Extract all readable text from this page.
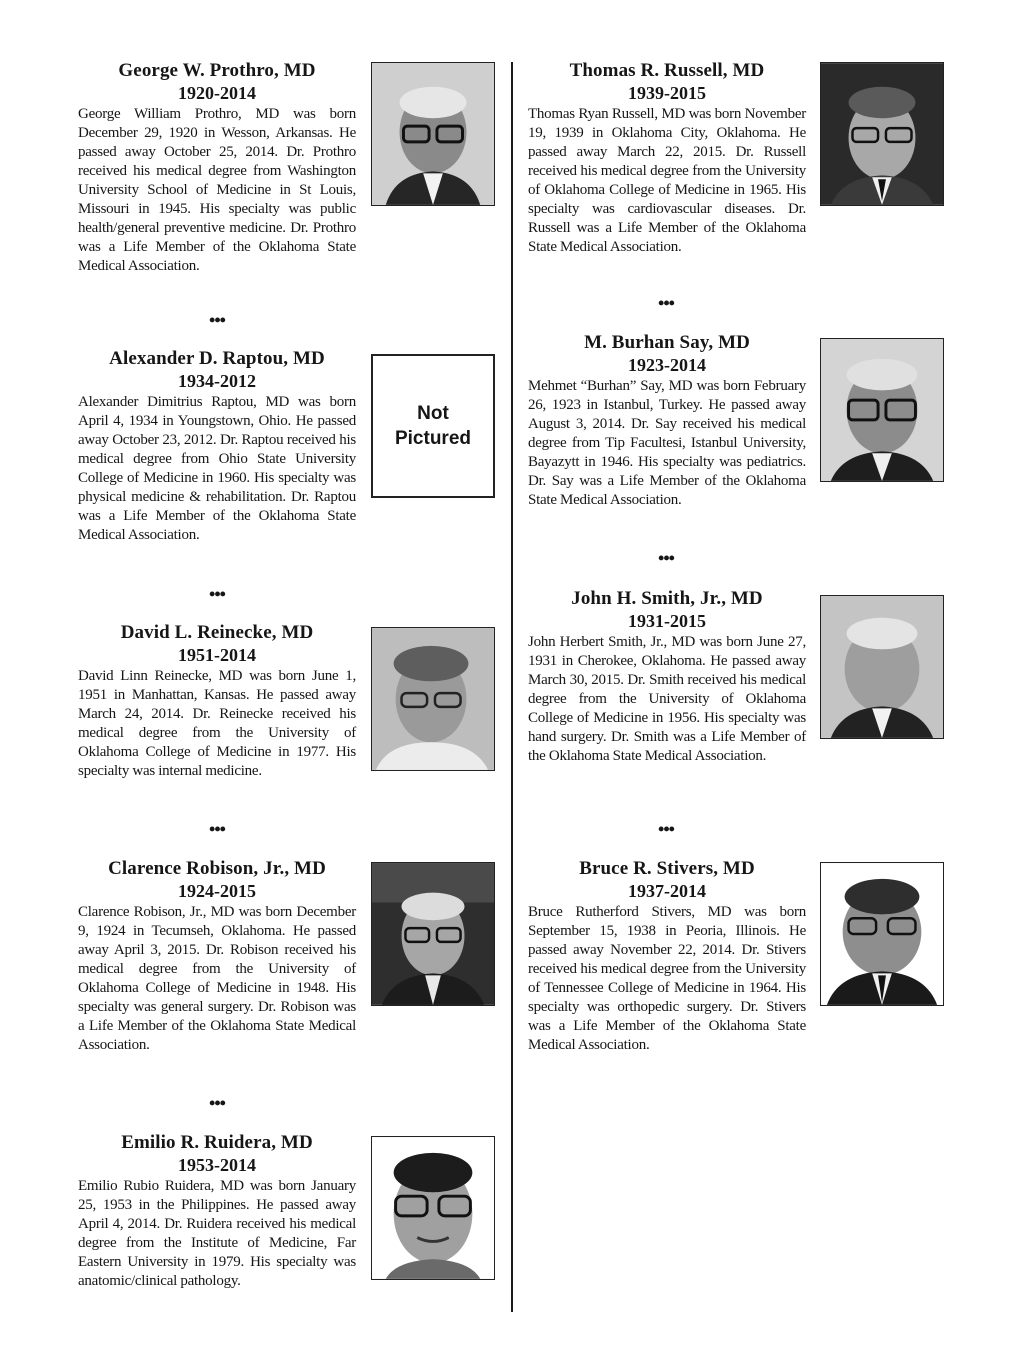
George W. Prothro, MD
1920-2014
George William Prothro, MD was born December 29, 1920 in Wesson, Arkansas. He passed away October 25, 2014. Dr. Prothro received his medical degree from Washington University School of Medicine in St Louis, Missouri in 1945. His specialty was public health/general preventive medicine. Dr. Prothro was a Life Member of the Oklahoma State Medical Association.
•••
Alexander D. Raptou, MD
1934-2012
Alexander Dimitrius Raptou, MD was born April 4, 1934 in Youngstown, Ohio. He passed away October 23, 2012. Dr. Raptou received his medical degree from Ohio State University College of Medicine in 1960. His specialty was physical medicine & rehabilitation. Dr. Raptou was a Life Member of the Oklahoma State Medical Association.
Not
Pictured
•••
David L. Reinecke, MD
1951-2014
David Linn Reinecke, MD was born June 1, 1951 in Manhattan, Kansas. He passed away March 24, 2014. Dr. Reinecke received his medical degree from the University of Oklahoma College of Medicine in 1977. His specialty was internal medicine.
•••
Clarence Robison, Jr., MD
1924-2015
Clarence Robison, Jr., MD was born December 9, 1924 in Tecumseh, Oklahoma. He passed away April 3, 2015. Dr. Robison received his medical degree from the University of Oklahoma College of Medicine in 1948. His specialty was general surgery. Dr. Robison was a Life Member of the Oklahoma State Medical Association.
•••
Emilio R. Ruidera, MD
1953-2014
Emilio Rubio Ruidera, MD was born January 25, 1953 in the Philippines. He passed away April 4, 2014. Dr. Ruidera received his medical degree from the Institute of Medicine, Far Eastern University in 1979. His specialty was anatomic/clinical pathology.
Thomas R. Russell, MD
1939-2015
Thomas Ryan Russell, MD was born November 19, 1939 in Oklahoma City, Oklahoma. He passed away March 22, 2015. Dr. Russell received his medical degree from the University of Oklahoma College of Medicine in 1965. His specialty was cardiovascular diseases. Dr. Russell was a Life Member of the Oklahoma State Medical Association.
•••
M. Burhan Say, MD
1923-2014
Mehmet “Burhan” Say, MD was born February 26, 1923 in Istanbul, Turkey. He passed away August 3, 2014. Dr. Say received his medical degree from Tip Facultesi, Istanbul University, Bayazytt in 1946. His specialty was pediatrics. Dr. Say was a Life Member of the Oklahoma State Medical Association.
•••
John H. Smith, Jr., MD
1931-2015
John Herbert Smith, Jr., MD was born June 27, 1931 in Cherokee, Oklahoma. He passed away March 30, 2015. Dr. Smith received his medical degree from the University of Oklahoma College of Medicine in 1956. His specialty was hand surgery. Dr. Smith was a Life Member of the Oklahoma State Medical Association.
•••
Bruce R. Stivers, MD
1937-2014
Bruce Rutherford Stivers, MD was born September 15, 1938 in Peoria, Illinois. He passed away November 22, 2014. Dr. Stivers received his medical degree from the University of Tennessee College of Medicine in 1964. His specialty was orthopedic surgery. Dr. Stivers was a Life Member of the Oklahoma State Medical Association.
